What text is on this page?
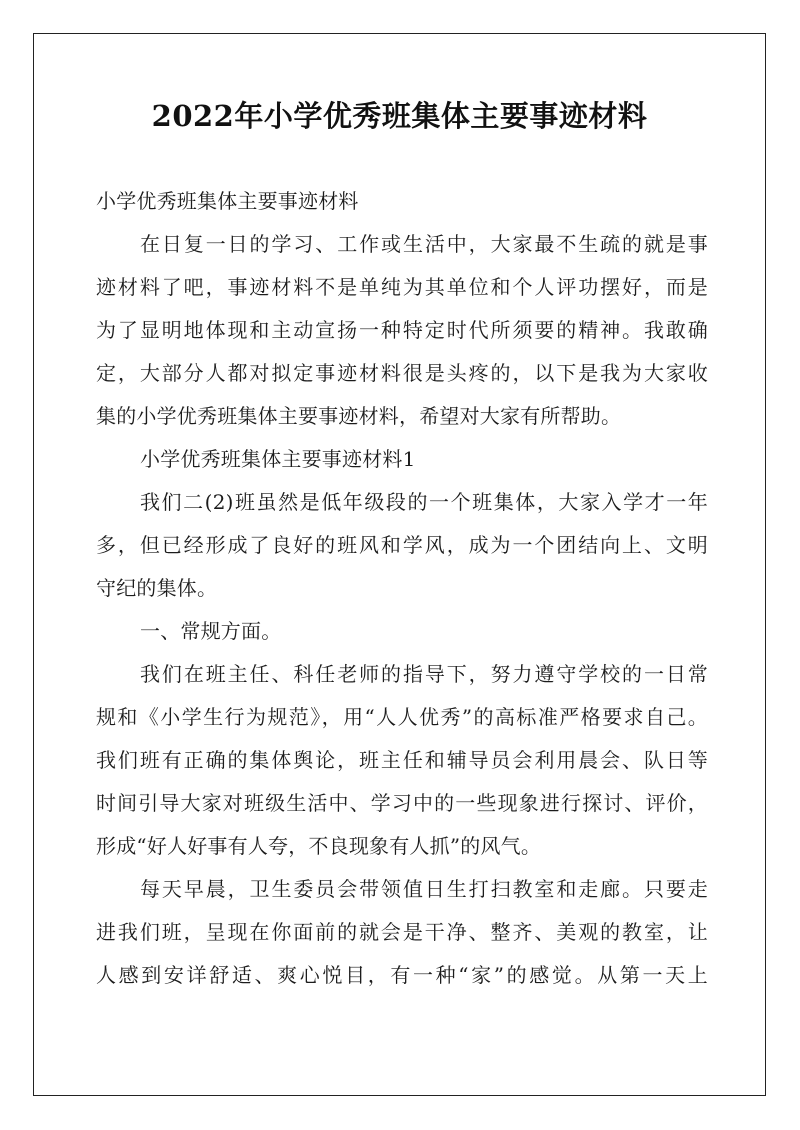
2022年小学优秀班集体主要事迹材料
小学优秀班集体主要事迹材料
在日复一日的学习、工作或生活中，大家最不生疏的就是事
迹材料了吧，事迹材料不是单纯为其单位和个人评功摆好，而是
为了显明地体现和主动宣扬一种特定时代所须要的精神。我敢确
定，大部分人都对拟定事迹材料很是头疼的，以下是我为大家收
集的小学优秀班集体主要事迹材料，希望对大家有所帮助。
小学优秀班集体主要事迹材料1
我们二(2)班虽然是低年级段的一个班集体，大家入学才一年
多，但已经形成了良好的班风和学风，成为一个团结向上、文明
守纪的集体。
一、常规方面。
我们在班主任、科任老师的指导下，努力遵守学校的一日常
规和《小学生行为规范》，用“人人优秀”的高标准严格要求自己。
我们班有正确的集体舆论，班主任和辅导员会利用晨会、队日等
时间引导大家对班级生活中、学习中的一些现象进行探讨、评价，
形成“好人好事有人夸，不良现象有人抓”的风气。
每天早晨，卫生委员会带领值日生打扫教室和走廊。只要走
进我们班，呈现在你面前的就会是干净、整齐、美观的教室，让
人感到安详舒适、爽心悦目，有一种“家”的感觉。从第一天上
